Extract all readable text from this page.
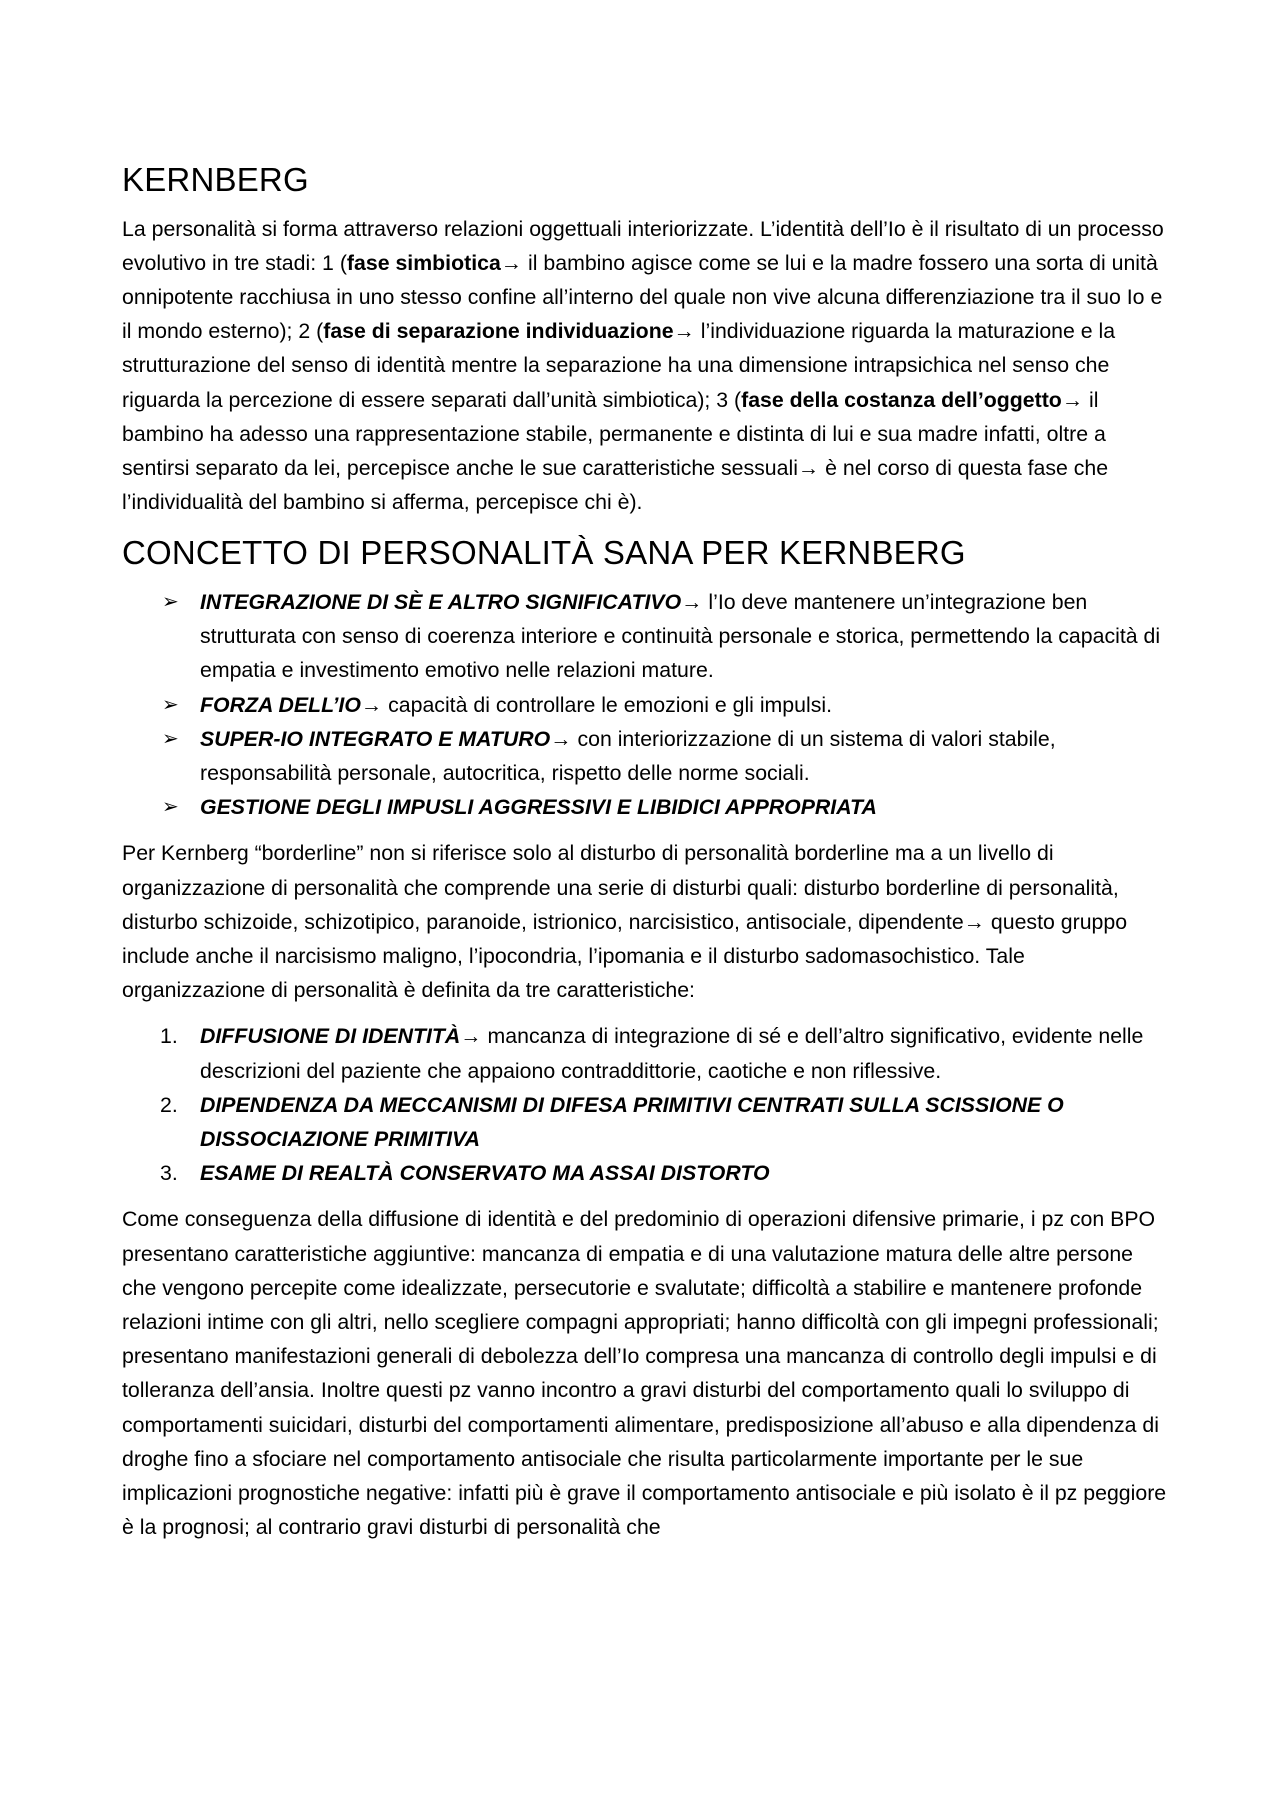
KERNBERG

La personalità si forma attraverso relazioni oggettuali interiorizzate. L’identità dell’Io è il risultato di un processo evolutivo in tre stadi: 1 (fase simbiotica→ il bambino agisce come se lui e la madre fossero una sorta di unità onnipotente racchiusa in uno stesso confine all’interno del quale non vive alcuna differenziazione tra il suo Io e il mondo esterno); 2 (fase di separazione individuazione→ l’individuazione riguarda la maturazione e la strutturazione del senso di identità mentre la separazione ha una dimensione intrapsichica nel senso che riguarda la percezione di essere separati dall’unità simbiotica); 3 (fase della costanza dell’oggetto→ il bambino ha adesso una rappresentazione stabile, permanente e distinta di lui e sua madre infatti, oltre a sentirsi separato da lei, percepisce anche le sue caratteristiche sessuali→ è nel corso di questa fase che l’individualità del bambino si afferma, percepisce chi è).

CONCETTO DI PERSONALITÀ SANA PER KERNBERG
➢ INTEGRAZIONE DI SÈ E ALTRO SIGNIFICATIVO→ l’Io deve mantenere un’integrazione ben strutturata con senso di coerenza interiore e continuità personale e storica, permettendo la capacità di empatia e investimento emotivo nelle relazioni mature.
➢ FORZA DELL’IO→ capacità di controllare le emozioni e gli impulsi.
➢ SUPER-IO INTEGRATO E MATURO→ con interiorizzazione di un sistema di valori stabile, responsabilità personale, autocritica, rispetto delle norme sociali.
➢ GESTIONE DEGLI IMPUSLI AGGRESSIVI E LIBIDICI APPROPRIATA

Per Kernberg “borderline” non si riferisce solo al disturbo di personalità borderline ma a un livello di organizzazione di personalità che comprende una serie di disturbi quali: disturbo borderline di personalità, disturbo schizoide, schizotipico, paranoide, istrionico, narcisistico, antisociale, dipendente→ questo gruppo include anche il narcisismo maligno, l’ipocondria, l’ipomania e il disturbo sadomasochistico. Tale organizzazione di personalità è definita da tre caratteristiche:

1. DIFFUSIONE DI IDENTITÀ→ mancanza di integrazione di sé e dell’altro significativo, evidente nelle descrizioni del paziente che appaiono contraddittorie, caotiche e non riflessive.
2. DIPENDENZA DA MECCANISMI DI DIFESA PRIMITIVI CENTRATI SULLA SCISSIONE O DISSOCIAZIONE PRIMITIVA
3. ESAME DI REALTÀ CONSERVATO MA ASSAI DISTORTO

Come conseguenza della diffusione di identità e del predominio di operazioni difensive primarie, i pz con BPO presentano caratteristiche aggiuntive: mancanza di empatia e di una valutazione matura delle altre persone che vengono percepite come idealizzate, persecutorie e svalutate; difficoltà a stabilire e mantenere profonde relazioni intime con gli altri, nello scegliere compagni appropriati; hanno difficoltà con gli impegni professionali; presentano manifestazioni generali di debolezza dell’Io compresa una mancanza di controllo degli impulsi e di tolleranza dell’ansia. Inoltre questi pz vanno incontro a gravi disturbi del comportamento quali lo sviluppo di comportamenti suicidari, disturbi del comportamenti alimentare, predisposizione all’abuso e alla dipendenza di droghe fino a sfociare nel comportamento antisociale che risulta particolarmente importante per le sue implicazioni prognostiche negative: infatti più è grave il comportamento antisociale e più isolato è il pz peggiore è la prognosi; al contrario gravi disturbi di personalità che
